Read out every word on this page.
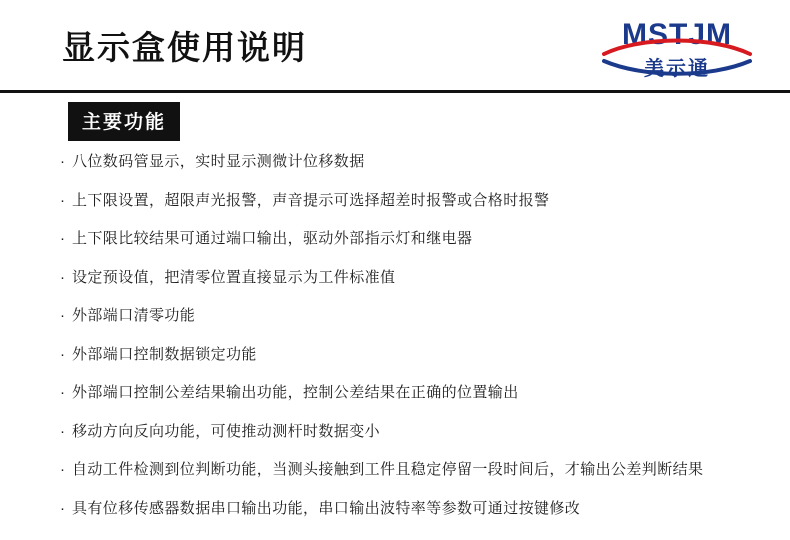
显示盒使用说明	MSTJM
美示通
主要功能
· 八位数码管显示，实时显示测微计位移数据
· 上下限设置，超限声光报警，声音提示可选择超差时报警或合格时报警
· 上下限比较结果可通过端口输出，驱动外部指示灯和继电器
· 设定预设值，把清零位置直接显示为工件标准值
· 外部端口清零功能
· 外部端口控制数据锁定功能
· 外部端口控制公差结果输出功能，控制公差结果在正确的位置输出
· 移动方向反向功能，可使推动测杆时数据变小
· 自动工件检测到位判断功能，当测头接触到工件且稳定停留一段时间后，才输出公差判断结果
· 具有位移传感器数据串口输出功能，串口输出波特率等参数可通过按键修改
